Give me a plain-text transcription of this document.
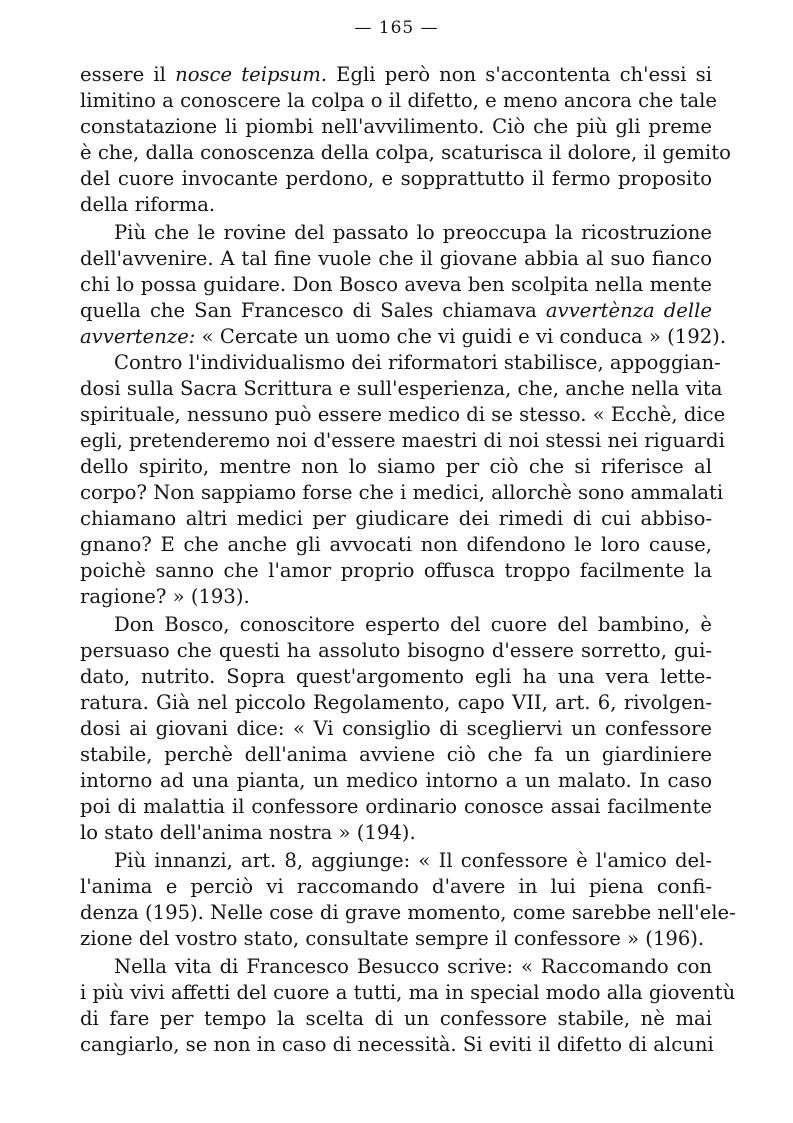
— 165 —
essere il nosce teipsum. Egli però non s'accontenta ch'essi si
limitino a conoscere la colpa o il difetto, e meno ancora che tale
constatazione li piombi nell'avvilimento. Ciò che più gli preme
è che, dalla conoscenza della colpa, scaturisca il dolore, il gemito
del cuore invocante perdono, e sopprattutto il fermo proposito
della riforma.
Più che le rovine del passato lo preoccupa la ricostruzione
dell'avvenire. A tal fine vuole che il giovane abbia al suo fianco
chi lo possa guidare. Don Bosco aveva ben scolpita nella mente
quella che San Francesco di Sales chiamava avvertènza delle
avvertenze: « Cercate un uomo che vi guidi e vi conduca » (192).
Contro l'individualismo dei riformatori stabilisce, appoggian-
dosi sulla Sacra Scrittura e sull'esperienza, che, anche nella vita
spirituale, nessuno può essere medico di se stesso. « Ecchè, dice
egli, pretenderemo noi d'essere maestri di noi stessi nei riguardi
dello spirito, mentre non lo siamo per ciò che si riferisce al
corpo? Non sappiamo forse che i medici, allorchè sono ammalati
chiamano altri medici per giudicare dei rimedi di cui abbiso-
gnano? E che anche gli avvocati non difendono le loro cause,
poichè sanno che l'amor proprio offusca troppo facilmente la
ragione? » (193).
Don Bosco, conoscitore esperto del cuore del bambino, è
persuaso che questi ha assoluto bisogno d'essere sorretto, gui-
dato, nutrito. Sopra quest'argomento egli ha una vera lette-
ratura. Già nel piccolo Regolamento, capo VII, art. 6, rivolgen-
dosi ai giovani dice: « Vi consiglio di scegliervi un confessore
stabile, perchè dell'anima avviene ciò che fa un giardiniere
intorno ad una pianta, un medico intorno a un malato. In caso
poi di malattia il confessore ordinario conosce assai facilmente
lo stato dell'anima nostra » (194).
Più innanzi, art. 8, aggiunge: « Il confessore è l'amico del-
l'anima e perciò vi raccomando d'avere in lui piena confi-
denza (195). Nelle cose di grave momento, come sarebbe nell'ele-
zione del vostro stato, consultate sempre il confessore » (196).
Nella vita di Francesco Besucco scrive: « Raccomando con
i più vivi affetti del cuore a tutti, ma in special modo alla gioventù
di fare per tempo la scelta di un confessore stabile, nè mai
cangiarlo, se non in caso di necessità. Si eviti il difetto di alcuni
